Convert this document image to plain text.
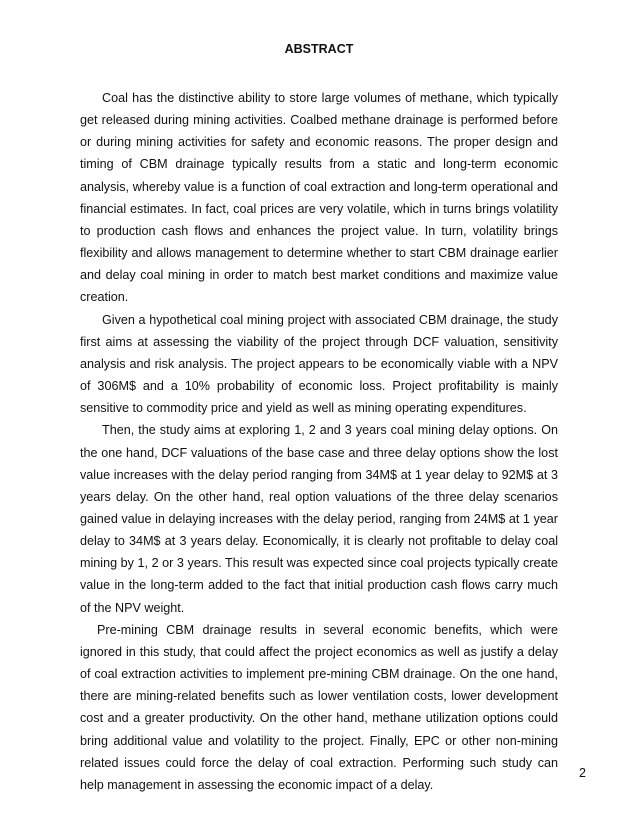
ABSTRACT

Coal has the distinctive ability to store large volumes of methane, which typically get released during mining activities. Coalbed methane drainage is performed before or during mining activities for safety and economic reasons. The proper design and timing of CBM drainage typically results from a static and long-term economic analysis, whereby value is a function of coal extraction and long-term operational and financial estimates. In fact, coal prices are very volatile, which in turns brings volatility to production cash flows and enhances the project value. In turn, volatility brings flexibility and allows management to determine whether to start CBM drainage earlier and delay coal mining in order to match best market conditions and maximize value creation.

Given a hypothetical coal mining project with associated CBM drainage, the study first aims at assessing the viability of the project through DCF valuation, sensitivity analysis and risk analysis. The project appears to be economically viable with a NPV of 306M$ and a 10% probability of economic loss. Project profitability is mainly sensitive to commodity price and yield as well as mining operating expenditures.

Then, the study aims at exploring 1, 2 and 3 years coal mining delay options. On the one hand, DCF valuations of the base case and three delay options show the lost value increases with the delay period ranging from 34M$ at 1 year delay to 92M$ at 3 years delay. On the other hand, real option valuations of the three delay scenarios gained value in delaying increases with the delay period, ranging from 24M$ at 1 year delay to 34M$ at 3 years delay. Economically, it is clearly not profitable to delay coal mining by 1, 2 or 3 years. This result was expected since coal projects typically create value in the long-term added to the fact that initial production cash flows carry much of the NPV weight.

Pre-mining CBM drainage results in several economic benefits, which were ignored in this study, that could affect the project economics as well as justify a delay of coal extraction activities to implement pre-mining CBM drainage. On the one hand, there are mining-related benefits such as lower ventilation costs, lower development cost and a greater productivity. On the other hand, methane utilization options could bring additional value and volatility to the project. Finally, EPC or other non-mining related issues could force the delay of coal extraction. Performing such study can help management in assessing the economic impact of a delay.

2
